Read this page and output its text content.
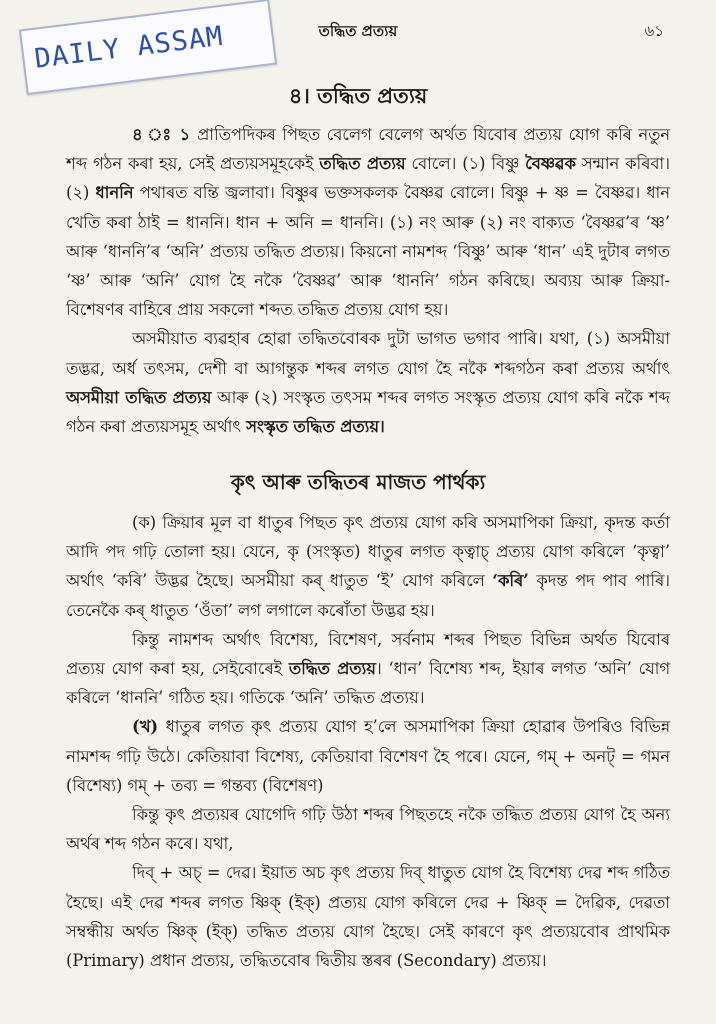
DAILY ASSAM	তদ্ধিত প্ৰত্যয়	৬১
৪। তদ্ধিত প্ৰত্যয়

৪ ঃ ১ প্ৰাতিপদিকৰ পিছত বেলেগ বেলেগ অৰ্থত যিবোৰ প্ৰত্যয় যোগ কৰি নতুন শব্দ গঠন কৰা হয়, সেই প্ৰত্যয়সমূহকেই তদ্ধিত প্ৰত্যয় বোলে। (১) বিষ্ণু বৈষ্ণৱক সন্মান কৰিবা। (২) ধাননি পথাৰত বন্তি জ্বলাবা। বিষ্ণুৰ ভক্তসকলক বৈষ্ণৱ বোলে। বিষ্ণু + ষ্ণ = বৈষ্ণৱ। ধান খেতি কৰা ঠাই = ধাননি। ধান + অনি = ধাননি। (১) নং আৰু (২) নং বাক্যত ‘বৈষ্ণৱ’ৰ ‘ষ্ণ’ আৰু ‘ধাননি’ৰ ‘অনি’ প্ৰত্যয় তদ্ধিত প্ৰত্যয়। কিয়নো নামশব্দ ‘বিষ্ণু’ আৰু ‘ধান’ এই দুটাৰ লগত ‘ষ্ণ’ আৰু ‘অনি’ যোগ হৈ নকৈ ‘বৈষ্ণৱ’ আৰু ‘ধাননি’ গঠন কৰিছে। অব্যয় আৰু ক্ৰিয়া-বিশেষণৰ বাহিৰে প্ৰায় সকলো শব্দত তদ্ধিত প্ৰত্যয় যোগ হয়।

অসমীয়াত ব্যৱহাৰ হোৱা তদ্ধিতবোৰক দুটা ভাগত ভগাব পাৰি। যথা, (১) অসমীয়া তদ্ভৱ, অৰ্ধ তৎসম, দেশী বা আগন্তুক শব্দৰ লগত যোগ হৈ নকৈ শব্দগঠন কৰা প্ৰত্যয় অৰ্থাৎ অসমীয়া তদ্ধিত প্ৰত্যয় আৰু (২) সংস্কৃত তৎসম শব্দৰ লগত সংস্কৃত প্ৰত্যয় যোগ কৰি নকৈ শব্দ গঠন কৰা প্ৰত্যয়সমূহ অৰ্থাৎ সংস্কৃত তদ্ধিত প্ৰত্যয়।

কৃৎ আৰু তদ্ধিতৰ মাজত পাৰ্থক্য

(ক) ক্ৰিয়াৰ মূল বা ধাতুৰ পিছত কৃৎ প্ৰত্যয় যোগ কৰি অসমাপিকা ক্ৰিয়া, কৃদন্ত কৰ্তা আদি পদ গঢ়ি তোলা হয়। যেনে, কৃ (সংস্কৃত) ধাতুৰ লগত ক্ত্বাচ্ প্ৰত্যয় যোগ কৰিলে ‘কৃত্বা’ অৰ্থাৎ ‘কৰি’ উদ্ভৱ হৈছে। অসমীয়া কৰ্ ধাতুত ‘ই’ যোগ কৰিলে ‘কৰি’ কৃদন্ত পদ পাব পাৰি। তেনেকৈ কৰ্ ধাতুত ‘ওঁতা’ লগ লগালে কৰোঁতা উদ্ভৱ হয়।

কিন্তু নামশব্দ অৰ্থাৎ বিশেষ্য, বিশেষণ, সৰ্বনাম শব্দৰ পিছত বিভিন্ন অৰ্থত যিবোৰ প্ৰত্যয় যোগ কৰা হয়, সেইবোৰেই তদ্ধিত প্ৰত্যয়। ‘ধান’ বিশেষ্য শব্দ, ইয়াৰ লগত ‘অনি’ যোগ কৰিলে ‘ধাননি’ গঠিত হয়। গতিকে ‘অনি’ তদ্ধিত প্ৰত্যয়।

(খ) ধাতুৰ লগত কৃৎ প্ৰত্যয় যোগ হ’লে অসমাপিকা ক্ৰিয়া হোৱাৰ উপৰিও বিভিন্ন নামশব্দ গঢ়ি উঠে। কেতিয়াবা বিশেষ্য, কেতিয়াবা বিশেষণ হৈ পৰে। যেনে, গম্ + অনট্ = গমন (বিশেষ্য) গম্ + তব্য = গন্তব্য (বিশেষণ)

কিন্তু কৃৎ প্ৰত্যয়ৰ যোগেদি গঢ়ি উঠা শব্দৰ পিছতহে নকৈ তদ্ধিত প্ৰত্যয় যোগ হৈ অন্য অৰ্থৰ শব্দ গঠন কৰে। যথা,

দিব্ + অচ্ = দেৱ। ইয়াত অচ কৃৎ প্ৰত্যয় দিব্ ধাতুত যোগ হৈ বিশেষ্য দেৱ শব্দ গঠিত হৈছে। এই দেৱ শব্দৰ লগত ষ্ণিক্ (ইক্) প্ৰত্যয় যোগ কৰিলে দেৱ + ষ্ণিক্ = দৈৱিক, দেৱতা সম্বন্ধীয় অৰ্থত ষ্ণিক্ (ইক্) তদ্ধিত প্ৰত্যয় যোগ হৈছে। সেই কাৰণে কৃৎ প্ৰত্যয়বোৰ প্ৰাথমিক (Primary) প্ৰধান প্ৰত্যয়, তদ্ধিতবোৰ দ্বিতীয় স্তৰৰ (Secondary) প্ৰত্যয়।
